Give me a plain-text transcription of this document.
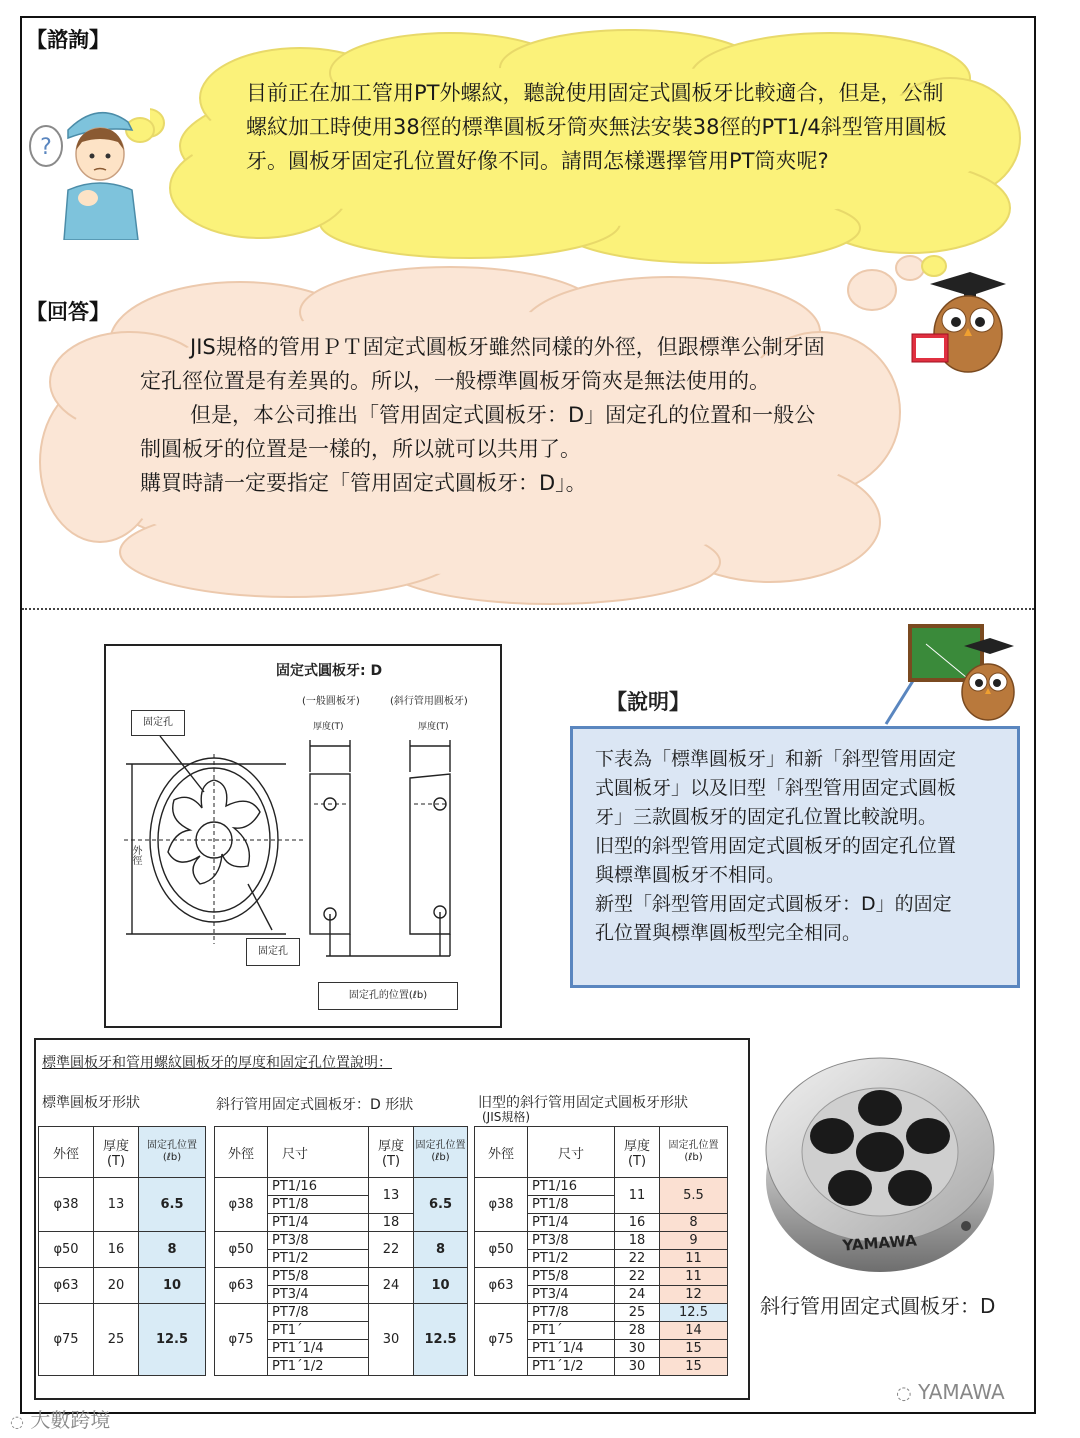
【諮詢】
目前正在加工管用PT外螺紋，聽說使用固定式圓板牙比較適合，但是，公制
螺紋加工時使用38徑的標準圓板牙筒夾無法安裝38徑的PT1/4斜型管用圓板
牙。圓板牙固定孔位置好像不同。請問怎樣選擇管用PT筒夾呢?
?
【回答】
JIS規格的管用ＰＴ固定式圓板牙雖然同樣的外徑，但跟標準公制牙固
定孔徑位置是有差異的。所以，一般標準圓板牙筒夾是無法使用的。
但是，本公司推出「管用固定式圓板牙：D」固定孔的位置和一般公
制圓板牙的位置是一樣的，所以就可以共用了。
購買時請一定要指定「管用固定式圓板牙：D」。
固定式圓板牙: D
(一般圓板牙)	(斜行管用圓板牙)
厚度(T)	厚度(T)
固定孔
固定孔
固定孔的位置(ℓb)
外徑
【說明】
下表為「標準圓板牙」和新「斜型管用固定
式圓板牙」以及旧型「斜型管用固定式圓板
牙」三款圓板牙的固定孔位置比較說明。
旧型的斜型管用固定式圓板牙的固定孔位置
與標準圓板牙不相同。
新型「斜型管用固定式圓板牙：D」的固定
孔位置與標準圓板型完全相同。
標準圓板牙和管用螺紋圓板牙的厚度和固定孔位置說明：
標準圓板牙形狀	斜行管用固定式圓板牙：D 形狀	旧型的斜行管用固定式圓板牙形狀
(JIS規格)
外徑	厚度
(T)	固定孔位置
(ℓb)
φ38	13	6.5
φ50	16	8
φ63	20	10
φ75	25	12.5
外徑	尺寸	厚度
(T)	固定孔位置
(ℓb)
φ38	PT1/16	13	6.5
	PT1/8		
	PT1/4	18	
φ50	PT3/8	22	8
	PT1/2		
φ63	PT5/8	24	10
	PT3/4		
φ75	PT7/8	30	12.5
	PT1´		
	PT1´1/4		
	PT1´1/2		
外徑	尺寸	厚度
(T)	固定孔位置
(ℓb)
φ38	PT1/16	11	5.5
	PT1/8		
	PT1/4	16	8
φ50	PT3/8	18	9
	PT1/2	22	11
φ63	PT5/8	22	11
	PT3/4	24	12
φ75	PT7/8	25	12.5
	PT1´	28	14
	PT1´1/4	30	15
	PT1´1/2	30	15
YAMAWA
斜行管用固定式圓板牙：D
◌ 大數跨境
◌ YAMAWA
